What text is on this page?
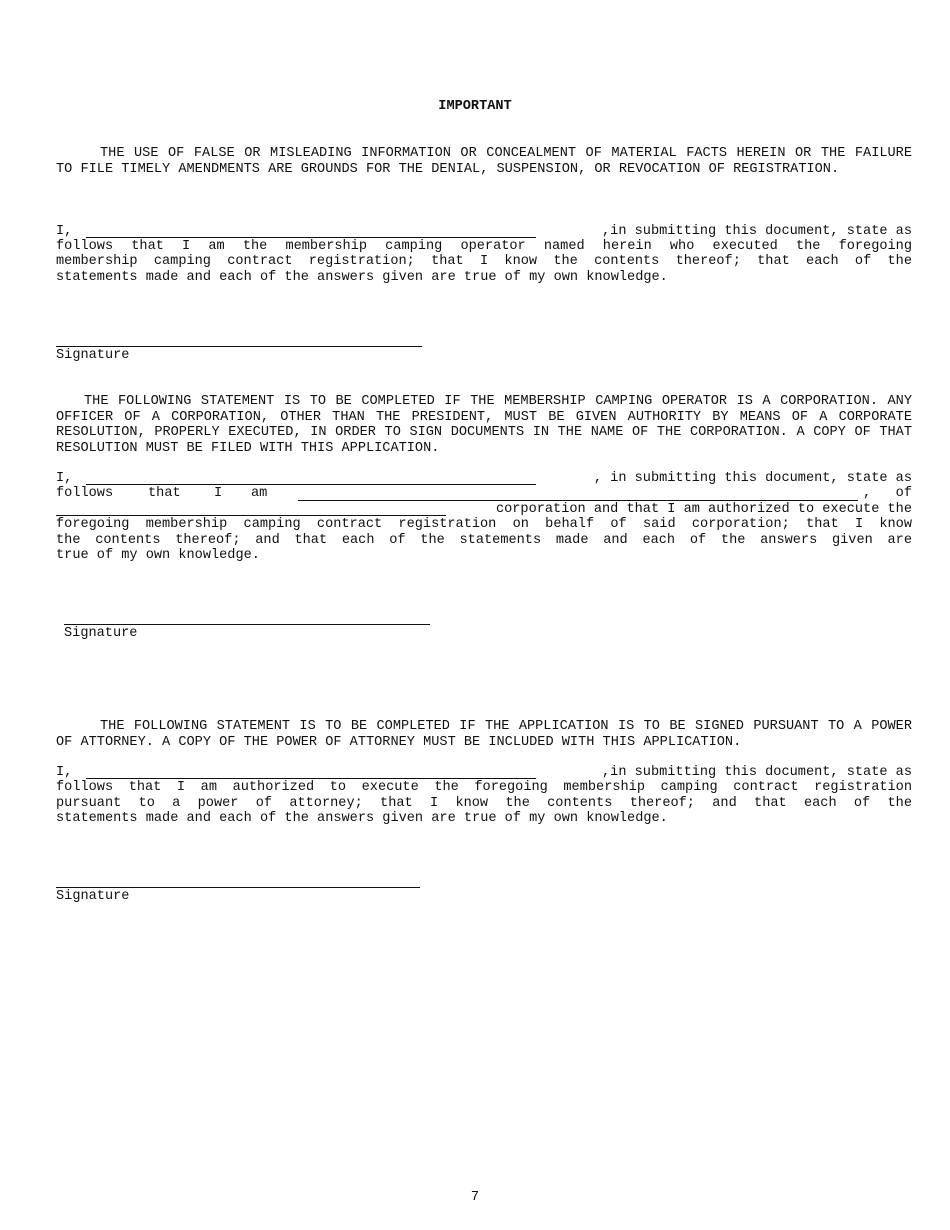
IMPORTANT
THE USE OF FALSE OR MISLEADING INFORMATION OR CONCEALMENT OF MATERIAL FACTS HEREIN OR THE FAILURE TO FILE TIMELY AMENDMENTS ARE GROUNDS FOR THE DENIAL, SUSPENSION, OR REVOCATION OF REGISTRATION.
I,	,in submitting this document, state as
follows that I am the membership camping operator named herein who executed the foregoing
membership camping contract registration; that I know the contents thereof; that each of the
statements made and each of the answers given are true of my own knowledge.
Signature
THE FOLLOWING STATEMENT IS TO BE COMPLETED IF THE MEMBERSHIP CAMPING OPERATOR IS A CORPORATION. ANY OFFICER OF A CORPORATION, OTHER THAN THE PRESIDENT, MUST BE GIVEN AUTHORITY BY MEANS OF A CORPORATE RESOLUTION, PROPERLY EXECUTED, IN ORDER TO SIGN DOCUMENTS IN THE NAME OF THE CORPORATION. A COPY OF THAT RESOLUTION MUST BE FILED WITH THIS APPLICATION.
I,	, in submitting this document, state as
follows	that I am	,   of
corporation and that I am authorized to execute the
foregoing membership camping contract registration on behalf of said corporation; that I know
the contents thereof; and that each of the statements made and each of the answers given are
true of my own knowledge.
Signature
THE FOLLOWING STATEMENT IS TO BE COMPLETED IF THE APPLICATION IS TO BE SIGNED PURSUANT TO A POWER OF ATTORNEY. A COPY OF THE POWER OF ATTORNEY MUST BE INCLUDED WITH THIS APPLICATION.
I,	,in submitting this document, state as
follows that I am authorized to execute the foregoing membership camping contract registration
pursuant to a power of attorney; that I know the contents thereof; and that each of the
statements made and each of the answers given are true of my own knowledge.
Signature
7
